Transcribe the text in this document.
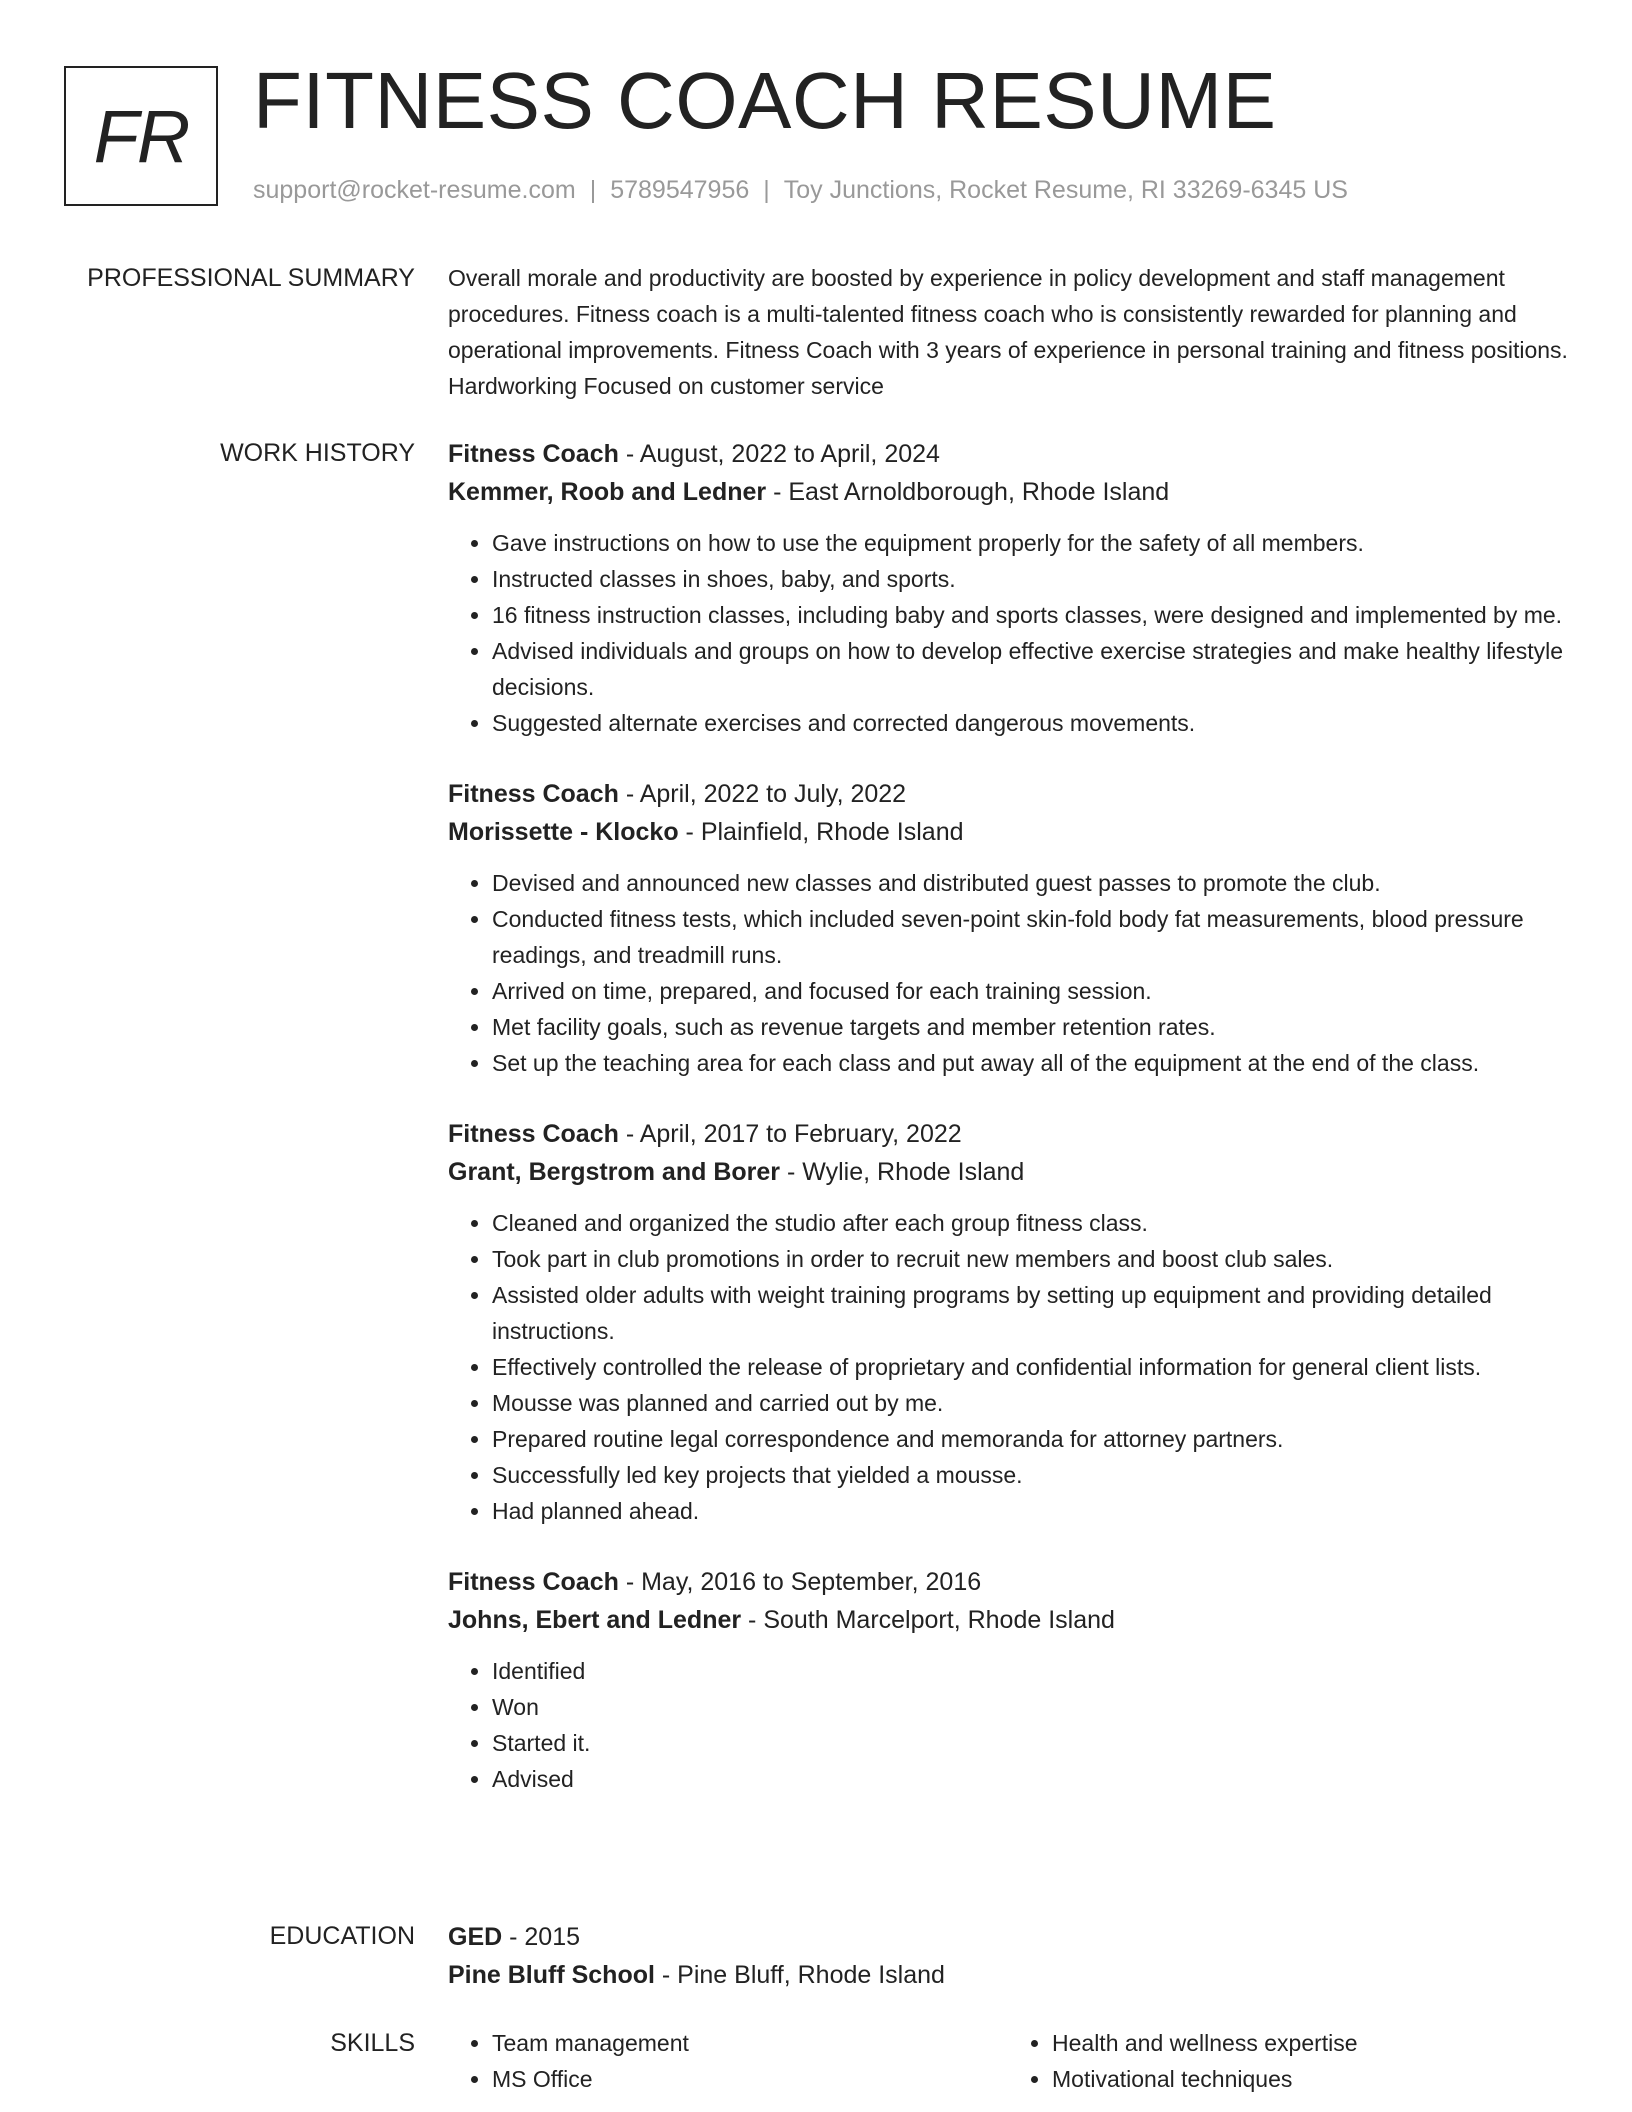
FR FITNESS COACH RESUME
support@rocket-resume.com | 5789547956 | Toy Junctions, Rocket Resume, RI 33269-6345 US
PROFESSIONAL SUMMARY Overall morale and productivity are boosted by experience in policy development and staff management procedures. Fitness coach is a multi-talented fitness coach who is consistently rewarded for planning and operational improvements. Fitness Coach with 3 years of experience in personal training and fitness positions. Hardworking Focused on customer service
WORK HISTORY Fitness Coach - August, 2022 to April, 2024
Kemmer, Roob and Ledner - East Arnoldborough, Rhode Island
• Gave instructions on how to use the equipment properly for the safety of all members.
• Instructed classes in shoes, baby, and sports.
• 16 fitness instruction classes, including baby and sports classes, were designed and implemented by me.
• Advised individuals and groups on how to develop effective exercise strategies and make healthy lifestyle decisions.
• Suggested alternate exercises and corrected dangerous movements.
Fitness Coach - April, 2022 to July, 2022
Morissette - Klocko - Plainfield, Rhode Island
• Devised and announced new classes and distributed guest passes to promote the club.
• Conducted fitness tests, which included seven-point skin-fold body fat measurements, blood pressure readings, and treadmill runs.
• Arrived on time, prepared, and focused for each training session.
• Met facility goals, such as revenue targets and member retention rates.
• Set up the teaching area for each class and put away all of the equipment at the end of the class.
Fitness Coach - April, 2017 to February, 2022
Grant, Bergstrom and Borer - Wylie, Rhode Island
• Cleaned and organized the studio after each group fitness class.
• Took part in club promotions in order to recruit new members and boost club sales.
• Assisted older adults with weight training programs by setting up equipment and providing detailed instructions.
• Effectively controlled the release of proprietary and confidential information for general client lists.
• Mousse was planned and carried out by me.
• Prepared routine legal correspondence and memoranda for attorney partners.
• Successfully led key projects that yielded a mousse.
• Had planned ahead.
Fitness Coach - May, 2016 to September, 2016
Johns, Ebert and Ledner - South Marcelport, Rhode Island
• Identified
• Won
• Started it.
• Advised
EDUCATION GED - 2015
Pine Bluff School - Pine Bluff, Rhode Island
SKILLS
•	Team management
• MS Office
• Health and wellness expertise
• Motivational techniques
